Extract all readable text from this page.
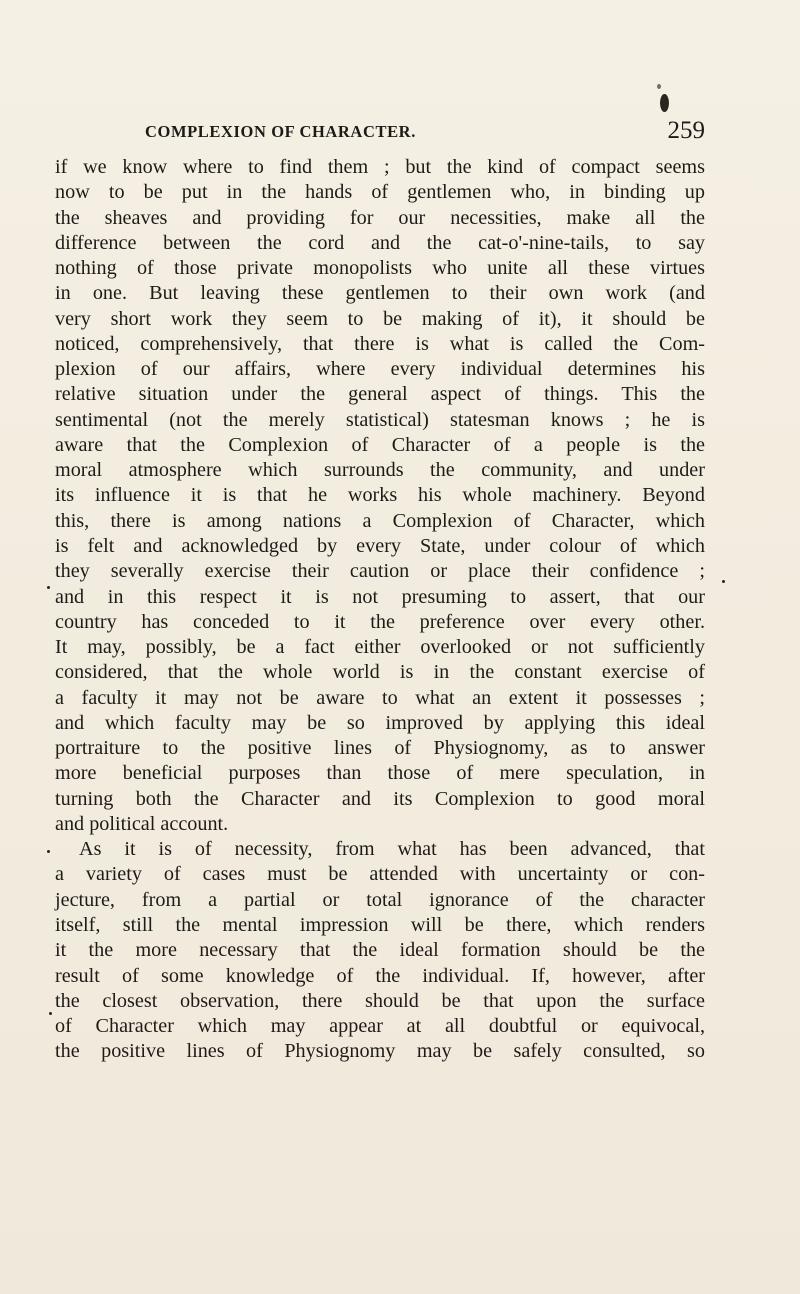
COMPLEXION OF CHARACTER.	259
if we know where to find them ; but the kind of compact seems
now to be put in the hands of gentlemen who, in binding up
the sheaves and providing for our necessities, make all the
difference between the cord and the cat-o'-nine-tails, to say
nothing of those private monopolists who unite all these virtues
in one. But leaving these gentlemen to their own work (and
very short work they seem to be making of it), it should be
noticed, comprehensively, that there is what is called the Com-
plexion of our affairs, where every individual determines his
relative situation under the general aspect of things. This the
sentimental (not the merely statistical) statesman knows ; he is
aware that the Complexion of Character of a people is the
moral atmosphere which surrounds the community, and under
its influence it is that he works his whole machinery. Beyond
this, there is among nations a Complexion of Character, which
is felt and acknowledged by every State, under colour of which
they severally exercise their caution or place their confidence ;
and in this respect it is not presuming to assert, that our
country has conceded to it the preference over every other.
It may, possibly, be a fact either overlooked or not sufficiently
considered, that the whole world is in the constant exercise of
a faculty it may not be aware to what an extent it possesses ;
and which faculty may be so improved by applying this ideal
portraiture to the positive lines of Physiognomy, as to answer
more beneficial purposes than those of mere speculation, in
turning both the Character and its Complexion to good moral
and political account.
As it is of necessity, from what has been advanced, that
a variety of cases must be attended with uncertainty or con-
jecture, from a partial or total ignorance of the character
itself, still the mental impression will be there, which renders
it the more necessary that the ideal formation should be the
result of some knowledge of the individual. If, however, after
the closest observation, there should be that upon the surface
of Character which may appear at all doubtful or equivocal,
the positive lines of Physiognomy may be safely consulted, so
